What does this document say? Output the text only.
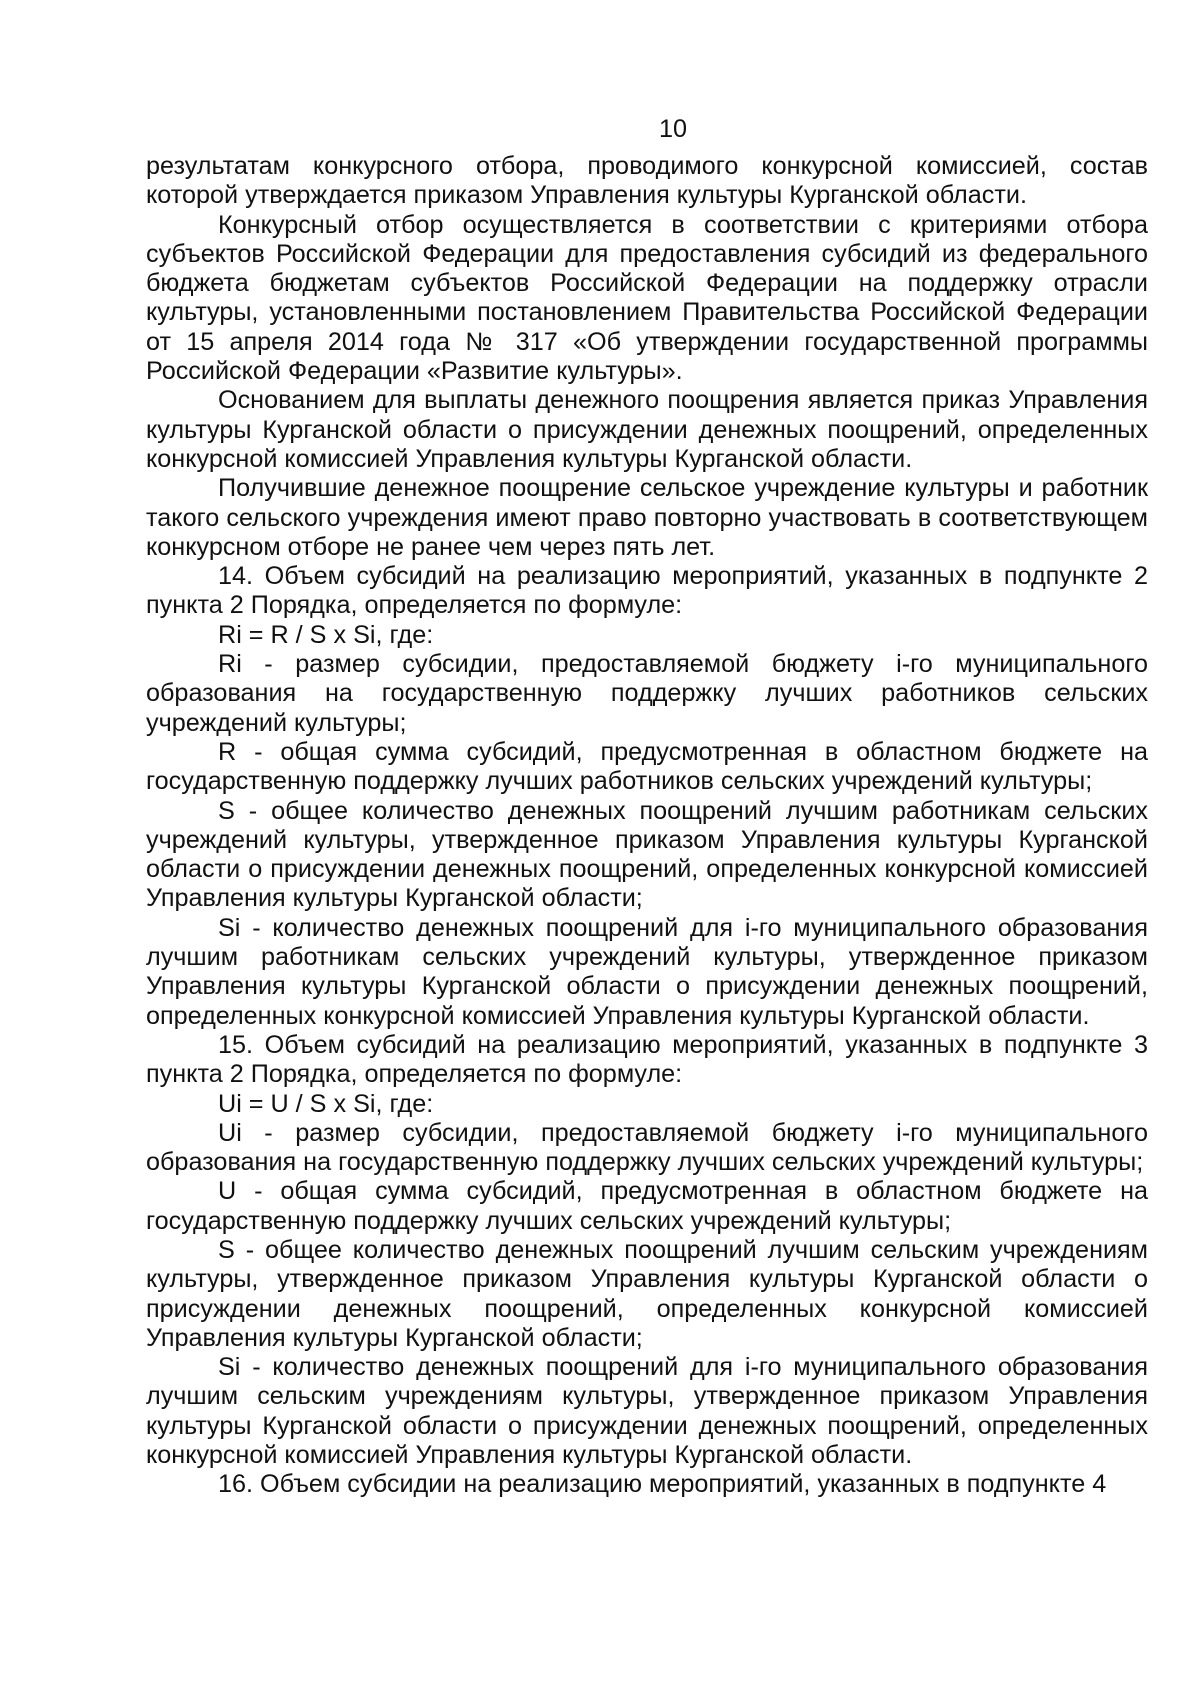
10

результатам конкурсного отбора, проводимого конкурсной комиссией, состав которой утверждается приказом Управления культуры Курганской области.

Конкурсный отбор осуществляется в соответствии с критериями отбора субъектов Российской Федерации для предоставления субсидий из федерального бюджета бюджетам субъектов Российской Федерации на поддержку отрасли культуры, установленными постановлением Правительства Российской Федерации от 15 апреля 2014 года № 317 «Об утверждении государственной программы Российской Федерации «Развитие культуры».

Основанием для выплаты денежного поощрения является приказ Управления культуры Курганской области о присуждении денежных поощрений, определенных конкурсной комиссией Управления культуры Курганской области.

Получившие денежное поощрение сельское учреждение культуры и работник такого сельского учреждения имеют право повторно участвовать в соответствующем конкурсном отборе не ранее чем через пять лет.

14. Объем субсидий на реализацию мероприятий, указанных в подпункте 2 пункта 2 Порядка, определяется по формуле:

Ri = R / S x Si, где:

Ri - размер субсидии, предоставляемой бюджету i-го муниципального образования на государственную поддержку лучших работников сельских учреждений культуры;

R - общая сумма субсидий, предусмотренная в областном бюджете на государственную поддержку лучших работников сельских учреждений культуры;

S - общее количество денежных поощрений лучшим работникам сельских учреждений культуры, утвержденное приказом Управления культуры Курганской области о присуждении денежных поощрений, определенных конкурсной комиссией Управления культуры Курганской области;

Si - количество денежных поощрений для i-го муниципального образования лучшим работникам сельских учреждений культуры, утвержденное приказом Управления культуры Курганской области о присуждении денежных поощрений, определенных конкурсной комиссией Управления культуры Курганской области.

15. Объем субсидий на реализацию мероприятий, указанных в подпункте 3 пункта 2 Порядка, определяется по формуле:

Ui = U / S x Si, где:

Ui - размер субсидии, предоставляемой бюджету i-го муниципального образования на государственную поддержку лучших сельских учреждений культуры;

U - общая сумма субсидий, предусмотренная в областном бюджете на государственную поддержку лучших сельских учреждений культуры;

S - общее количество денежных поощрений лучшим сельским учреждениям культуры, утвержденное приказом Управления культуры Курганской области о присуждении денежных поощрений, определенных конкурсной комиссией Управления культуры Курганской области;

Si - количество денежных поощрений для i-го муниципального образования лучшим сельским учреждениям культуры, утвержденное приказом Управления культуры Курганской области о присуждении денежных поощрений, определенных конкурсной комиссией Управления культуры Курганской области.

16. Объем субсидии на реализацию мероприятий, указанных в подпункте 4
